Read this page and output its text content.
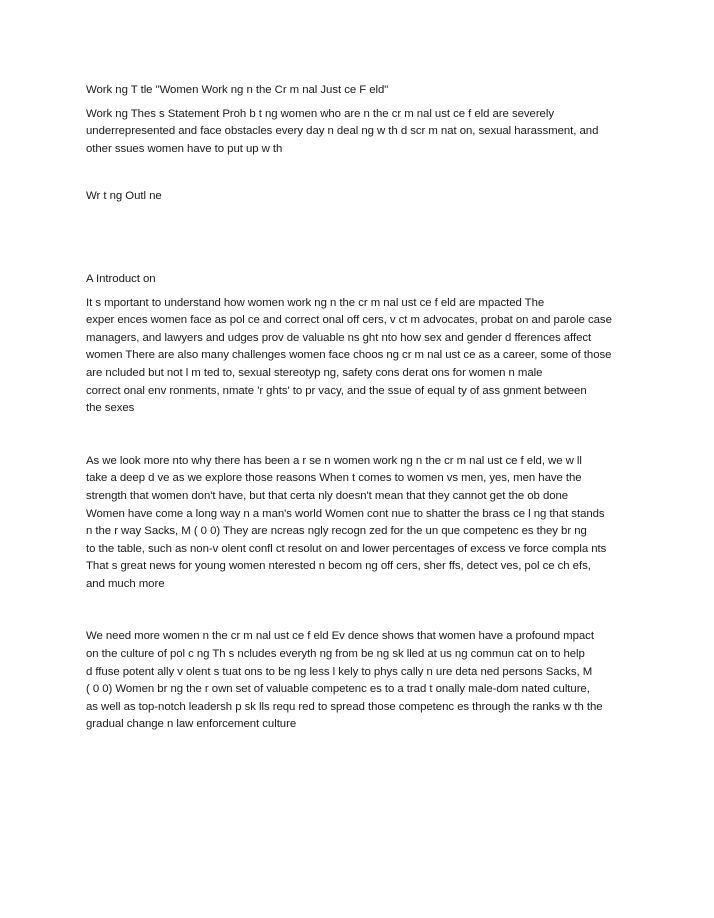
Work ng T tle "Women Work ng n the Cr m nal Just ce F eld"
Work ng Thes s Statement Proh b t ng women who are n the cr m nal ust ce f eld are severely
underrepresented and face obstacles every day n deal ng w th d scr m nat on, sexual harassment, and
other ssues women have to put up w th
Wr t ng Outl ne
A Introduct on
It s mportant to understand how women work ng n the cr m nal ust ce f eld are mpacted The
exper ences women face as pol ce and correct onal off cers, v ct m advocates, probat on and parole case
managers, and lawyers and udges prov de valuable ns ght nto how sex and gender d fferences affect
women There are also many challenges women face choos ng cr m nal ust ce as a career, some of those
are ncluded but not l m ted to, sexual stereotyp ng, safety cons derat ons for women n male
correct onal env ronments, nmate 'r ghts' to pr vacy, and the ssue of equal ty of ass gnment between
the sexes
As we look more nto why there has been a r se n women work ng n the cr m nal ust ce f eld, we w ll
take a deep d ve as we explore those reasons When t comes to women vs men, yes, men have the
strength that women don't have, but that certa nly doesn't mean that they cannot get the ob done
Women have come a long way n a man's world Women cont nue to shatter the brass ce l ng that stands
n the r way Sacks, M ( 0 0) They are ncreas ngly recogn zed for the un que competenc es they br ng
to the table, such as non-v olent confl ct resolut on and lower percentages of excess ve force compla nts
That s great news for young women nterested n becom ng off cers, sher ffs, detect ves, pol ce ch efs,
and much more
We need more women n the cr m nal ust ce f eld Ev dence shows that women have a profound mpact
on the culture of pol c ng Th s ncludes everyth ng from be ng sk lled at us ng commun cat on to help
d ffuse potent ally v olent s tuat ons to be ng less l kely to phys cally n ure deta ned persons Sacks, M
( 0 0) Women br ng the r own set of valuable competenc es to a trad t onally male-dom nated culture,
as well as top-notch leadersh p sk lls requ red to spread those competenc es through the ranks w th the
gradual change n law enforcement culture
